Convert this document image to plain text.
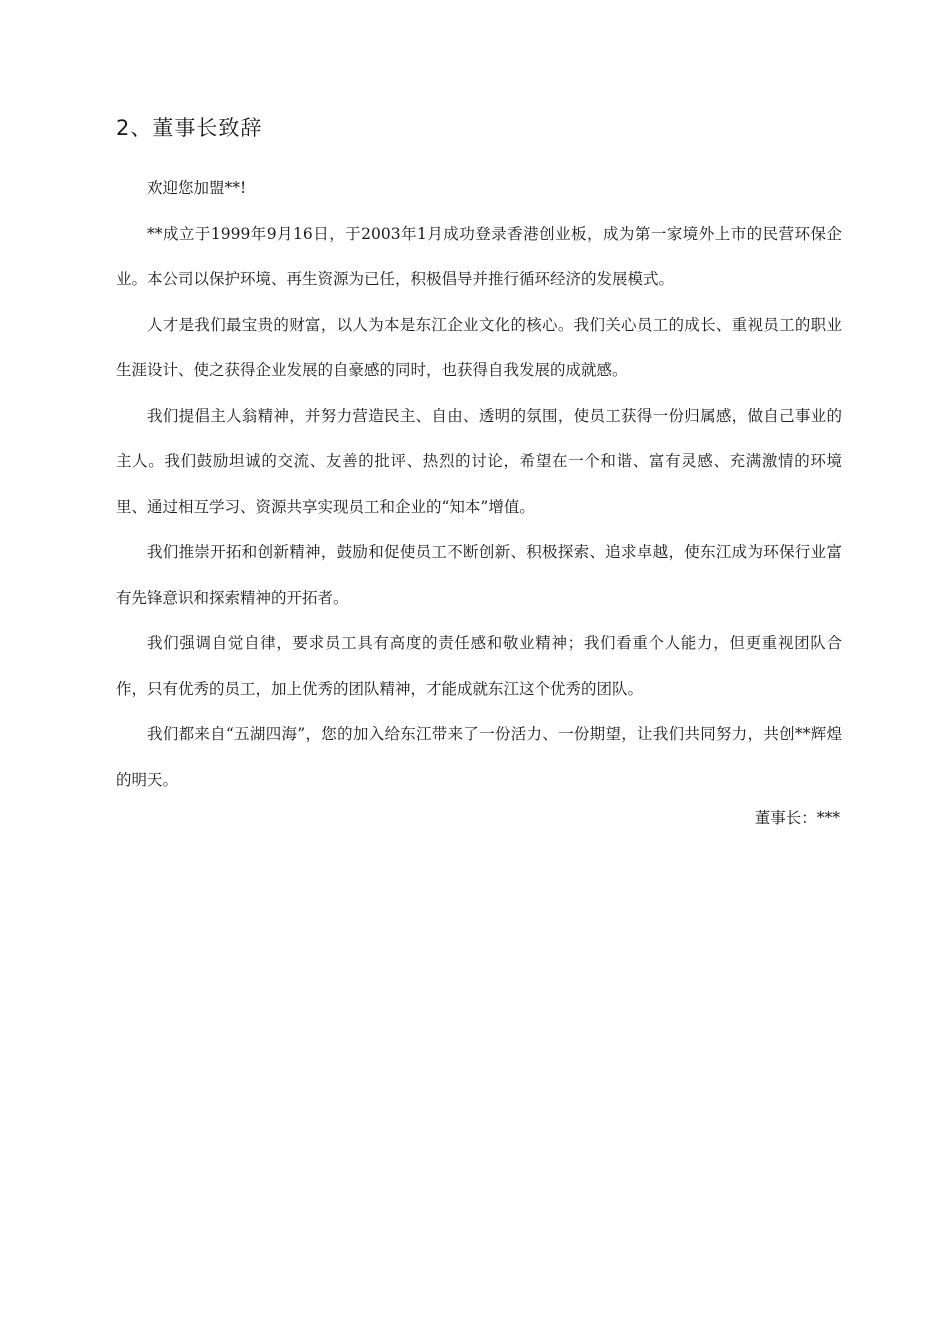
2、董事长致辞

欢迎您加盟**!

**成立于1999年9月16日，于2003年1月成功登录香港创业板，成为第一家境外上市的民营环保企业。本公司以保护环境、再生资源为已任，积极倡导并推行循环经济的发展模式。

人才是我们最宝贵的财富，以人为本是东江企业文化的核心。我们关心员工的成长、重视员工的职业生涯设计、使之获得企业发展的自豪感的同时，也获得自我发展的成就感。

我们提倡主人翁精神，并努力营造民主、自由、透明的氛围，使员工获得一份归属感，做自己事业的主人。我们鼓励坦诚的交流、友善的批评、热烈的讨论，希望在一个和谐、富有灵感、充满激情的环境里、通过相互学习、资源共享实现员工和企业的“知本”增值。

我们推崇开拓和创新精神，鼓励和促使员工不断创新、积极探索、追求卓越，使东江成为环保行业富有先锋意识和探索精神的开拓者。

我们强调自觉自律，要求员工具有高度的责任感和敬业精神；我们看重个人能力，但更重视团队合作，只有优秀的员工，加上优秀的团队精神，才能成就东江这个优秀的团队。

我们都来自“五湖四海”，您的加入给东江带来了一份活力、一份期望，让我们共同努力，共创**辉煌的明天。

董事长：***
